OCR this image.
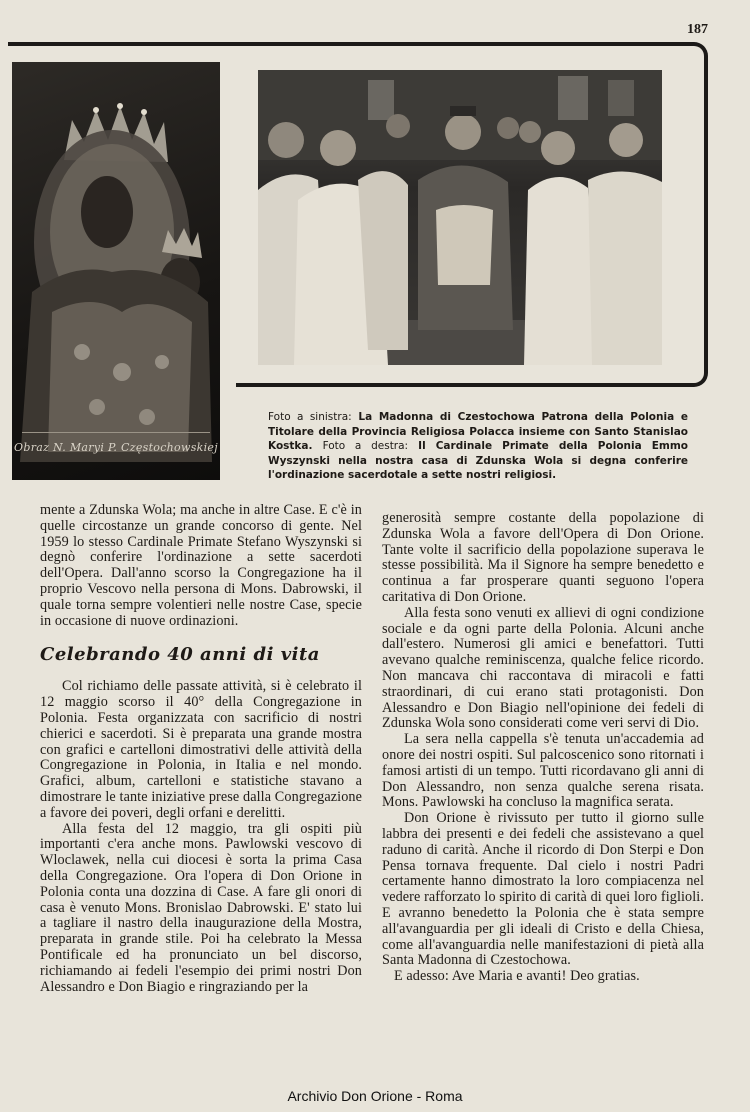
187
Obraz N. Maryi P. Częstochowskiej
Foto a sinistra: La Madonna di Czestochowa Patrona della Polonia e Titolare della Provincia Religiosa Polacca insieme con Santo Stanislao Kostka. Foto a destra: Il Cardinale Primate della Polonia Emmo Wyszynski nella nostra casa di Zdunska Wola si degna conferire l'ordinazione sacerdotale a sette nostri religiosi.

mente a Zdunska Wola; ma anche in altre Case. E c'è in quelle circostanze un grande concorso di gente. Nel 1959 lo stesso Cardinale Primate Stefano Wyszynski si degnò conferire l'ordinazione a sette sacerdoti dell'Opera. Dall'anno scorso la Congregazione ha il proprio Vescovo nella persona di Mons. Dabrowski, il quale torna sempre volentieri nelle nostre Case, specie in occasione di nuove ordinazioni.

Celebrando 40 anni di vita

Col richiamo delle passate attività, si è celebrato il 12 maggio scorso il 40° della Congregazione in Polonia. Festa organizzata con sacrificio di nostri chierici e sacerdoti. Si è preparata una grande mostra con grafici e cartelloni dimostrativi delle attività della Congregazione in Polonia, in Italia e nel mondo. Grafici, album, cartelloni e statistiche stavano a dimostrare le tante iniziative prese dalla Congregazione a favore dei poveri, degli orfani e derelitti.

Alla festa del 12 maggio, tra gli ospiti più importanti c'era anche mons. Pawlowski vescovo di Wloclawek, nella cui diocesi è sorta la prima Casa della Congregazione. Ora l'opera di Don Orione in Polonia conta una dozzina di Case. A fare gli onori di casa è venuto Mons. Bronislao Dabrowski. E' stato lui a tagliare il nastro della inaugurazione della Mostra, preparata in grande stile. Poi ha celebrato la Messa Pontificale ed ha pronunciato un bel discorso, richiamando ai fedeli l'esempio dei primi nostri Don Alessandro e Don Biagio e ringraziando per la

generosità sempre costante della popolazione di Zdunska Wola a favore dell'Opera di Don Orione. Tante volte il sacrificio della popolazione superava le stesse possibilità. Ma il Signore ha sempre benedetto e continua a far prosperare quanti seguono l'opera caritativa di Don Orione.

Alla festa sono venuti ex allievi di ogni condizione sociale e da ogni parte della Polonia. Alcuni anche dall'estero. Numerosi gli amici e benefattori. Tutti avevano qualche reminiscenza, qualche felice ricordo. Non mancava chi raccontava di miracoli e fatti straordinari, di cui erano stati protagonisti. Don Alessandro e Don Biagio nell'opinione dei fedeli di Zdunska Wola sono considerati come veri servi di Dio.

La sera nella cappella s'è tenuta un'accademia ad onore dei nostri ospiti. Sul palcoscenico sono ritornati i famosi artisti di un tempo. Tutti ricordavano gli anni di Don Alessandro, non senza qualche serena risata. Mons. Pawlowski ha concluso la magnifica serata.

Don Orione è rivissuto per tutto il giorno sulle labbra dei presenti e dei fedeli che assistevano a quel raduno di carità. Anche il ricordo di Don Sterpi e Don Pensa tornava frequente. Dal cielo i nostri Padri certamente hanno dimostrato la loro compiacenza nel vedere rafforzato lo spirito di carità di quei loro figlioli. E avranno benedetto la Polonia che è stata sempre all'avanguardia per gli ideali di Cristo e della Chiesa, come all'avanguardia nelle manifestazioni di pietà alla Santa Madonna di Czestochowa.

E adesso: Ave Maria e avanti! Deo gratias.

Archivio Don Orione - Roma
